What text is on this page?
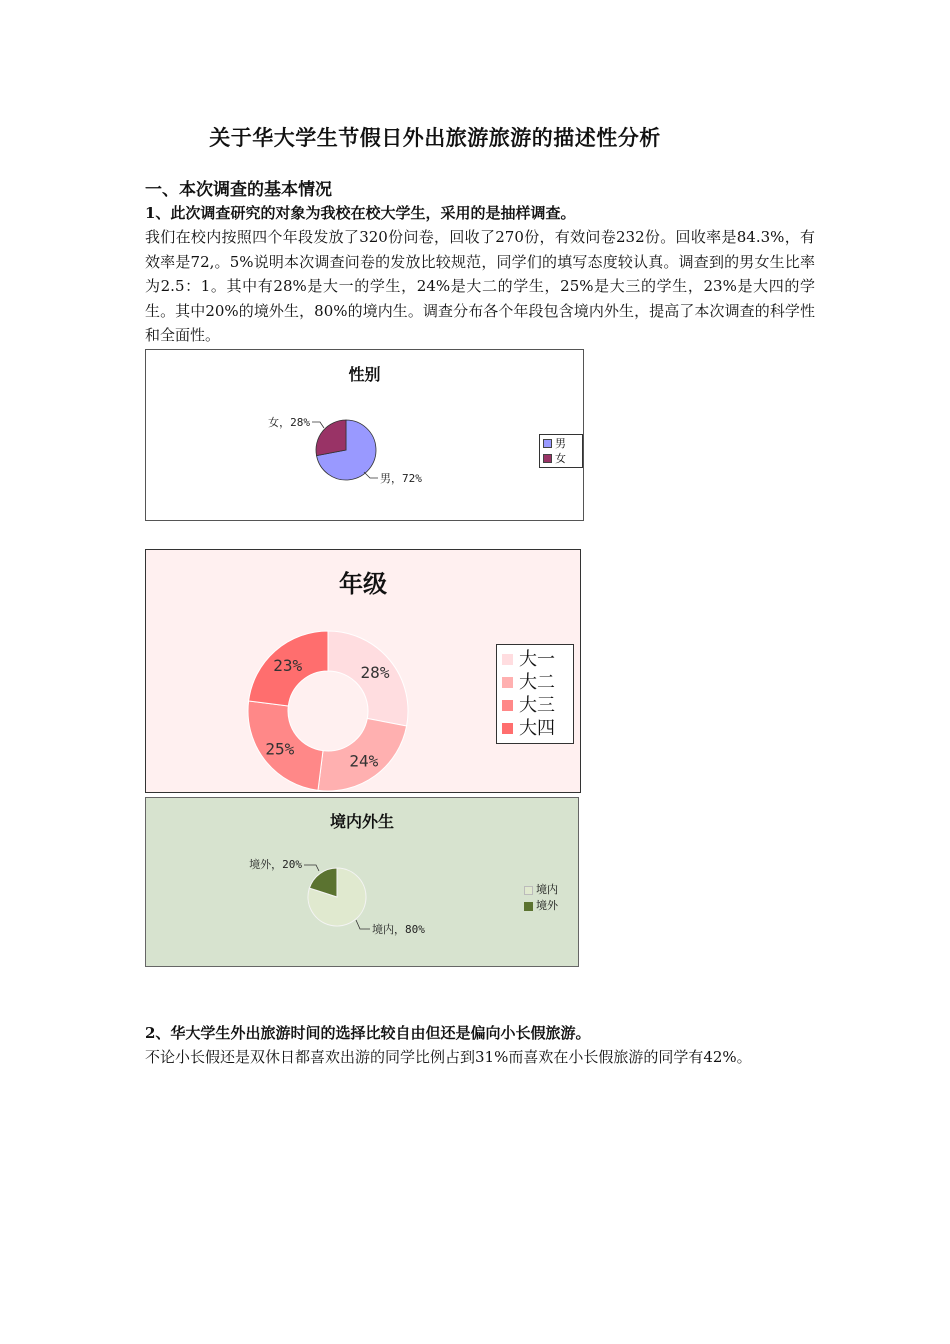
关于华大学生节假日外出旅游旅游的描述性分析
一、本次调查的基本情况
1、此次调查研究的对象为我校在校大学生，采用的是抽样调查。
我们在校内按照四个年段发放了320份问卷，回收了270份，有效问卷232份。回收率是84.3%，有效率是72,。5%说明本次调查问卷的发放比较规范，同学们的填写态度较认真。调查到的男女生比率为2.5：1。其中有28%是大一的学生，24%是大二的学生，25%是大三的学生，23%是大四的学生。其中20%的境外生，80%的境内生。调查分布各个年段包含境内外生，提高了本次调查的科学性和全面性。
性别
男，72%
女，28%
男
女
年级
28%
24%
25%
23%	大一
大二
大三
大四
境内外生
境内，80%
境外，20%
境内
境外
2、华大学生外出旅游时间的选择比较自由但还是偏向小长假旅游。
不论小长假还是双休日都喜欢出游的同学比例占到31%而喜欢在小长假旅游的同学有42%。
